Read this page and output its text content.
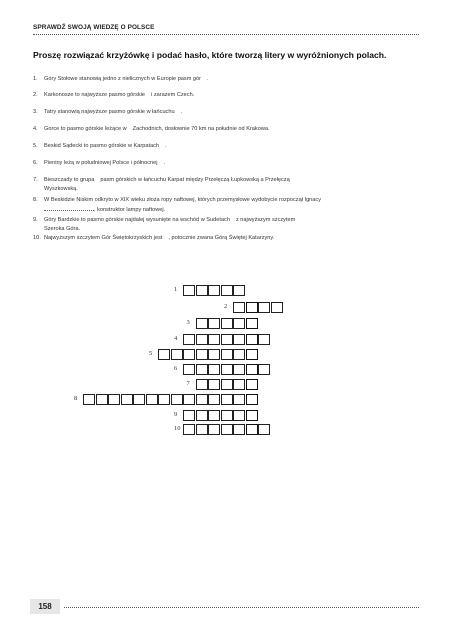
SPRAWDŹ SWOJĄ WIEDZĘ O POLSCE
Proszę rozwiązać krzyżówkę i podać hasło, które tworzą litery w wyróżnionych polach.
1.	Góry Stołowe stanowią jedno z nielicznych w Europie pasm gór .
2.	Karkonosze to najwyższe pasmo górskie i zarazem Czech.
3.	Tatry stanowią najwyższe pasmo górskie w łańcuchu .
4.	Gorce to pasmo górskie leżące w Zachodnich, dosłownie 70 km na południe od Krakowa.
5.	Beskid Sądecki to pasmo górskie w Karpatach .
6.	Pieniny leżą w południowej Polsce i północnej .
7.	Bieszczady to grupa pasm górskich w łańcuchu Karpat między Przełęczą Łupkowską a Przełęczą
Wyszkowską.
8.	W Beskidzie Niskim odkryto w XIX wieku złoża ropy naftowej, których przemysłowe wydobycie rozpoczął Ignacy
, konstruktor lampy naftowej.
9.	Góry Bardzkie to pasmo górskie najdalej wysunięte na wschód w Sudetach z najwyższym szczytem
Szeroka Góra.
10. Najwyższym szczytem Gór Świętokrzyskich jest , potocznie zwana Górą Świętej Katarzyny.
1
2
3
4
5
6
7
8
9
10
158
